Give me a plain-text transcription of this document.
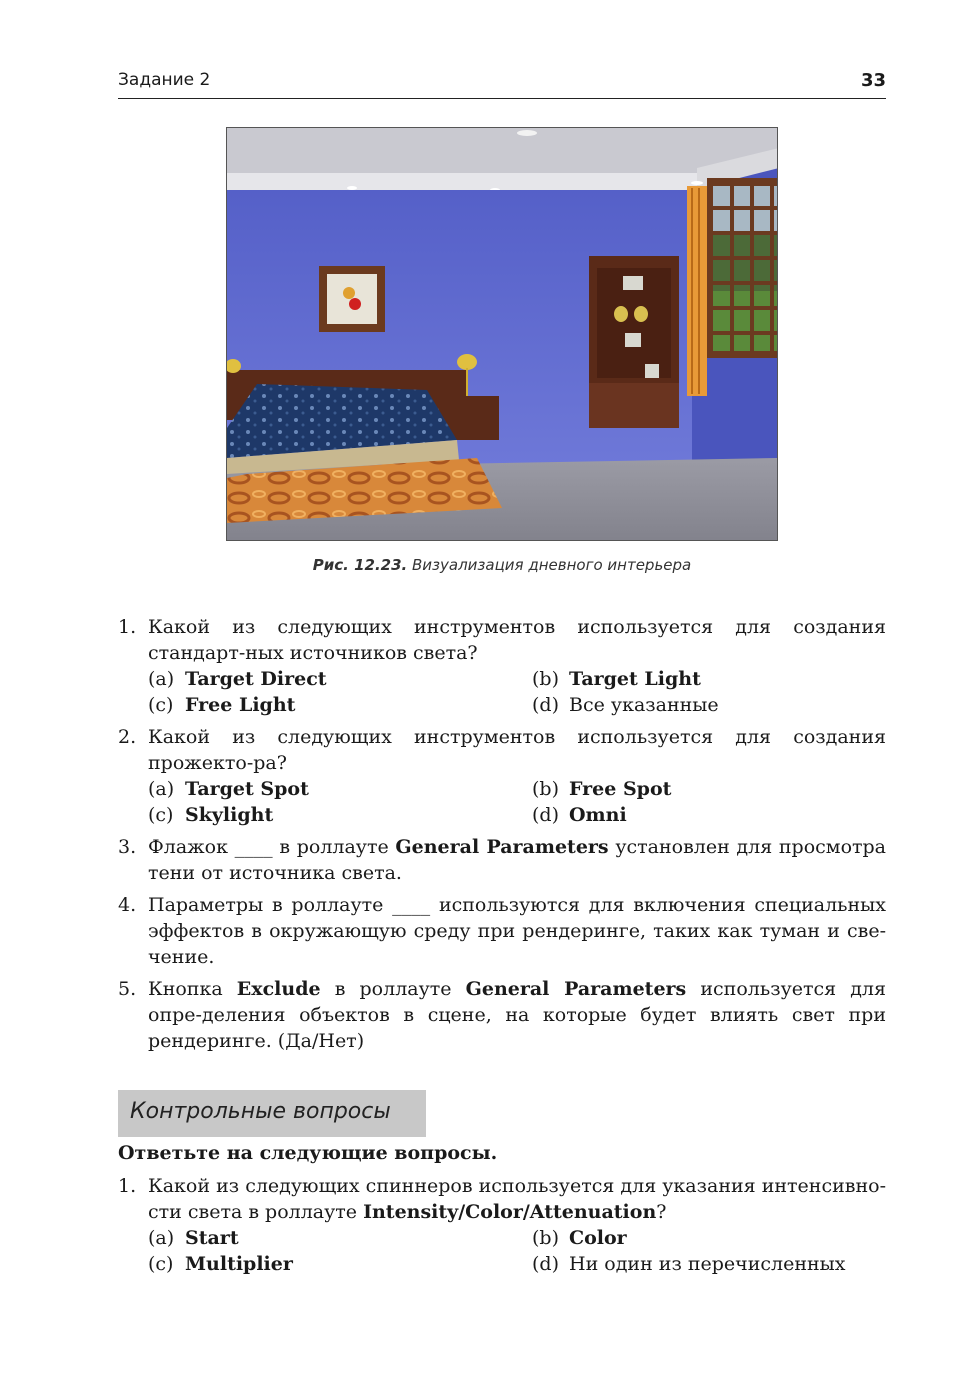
Задание 2	33
Рис. 12.23. Визуализация дневного интерьера
1. Какой из следующих инструментов используется для создания стандарт-ных источников света?
(a) Target Direct	(b) Target Light
(c) Free Light	(d) Все указанные
2. Какой из следующих инструментов используется для создания прожекто-ра?
(a) Target Spot	(b) Free Spot
(c) Skylight	(d) Omni
3. Флажок ____ в роллауте General Parameters установлен для просмотра тени от источника света.
4. Параметры в роллауте ____ используются для включения специальных эффектов в окружающую среду при рендеринге, таких как туман и све-чение.
5. Кнопка Exclude в роллауте General Parameters используется для опре-деления объектов в сцене, на которые будет влиять свет при рендеринге. (Да/Нет)
Контрольные вопросы
Ответьте на следующие вопросы.
1. Какой из следующих спиннеров используется для указания интенсивно-сти света в роллауте Intensity/Color/Attenuation?
(a) Start	(b) Color
(c) Multiplier	(d) Ни один из перечисленных
